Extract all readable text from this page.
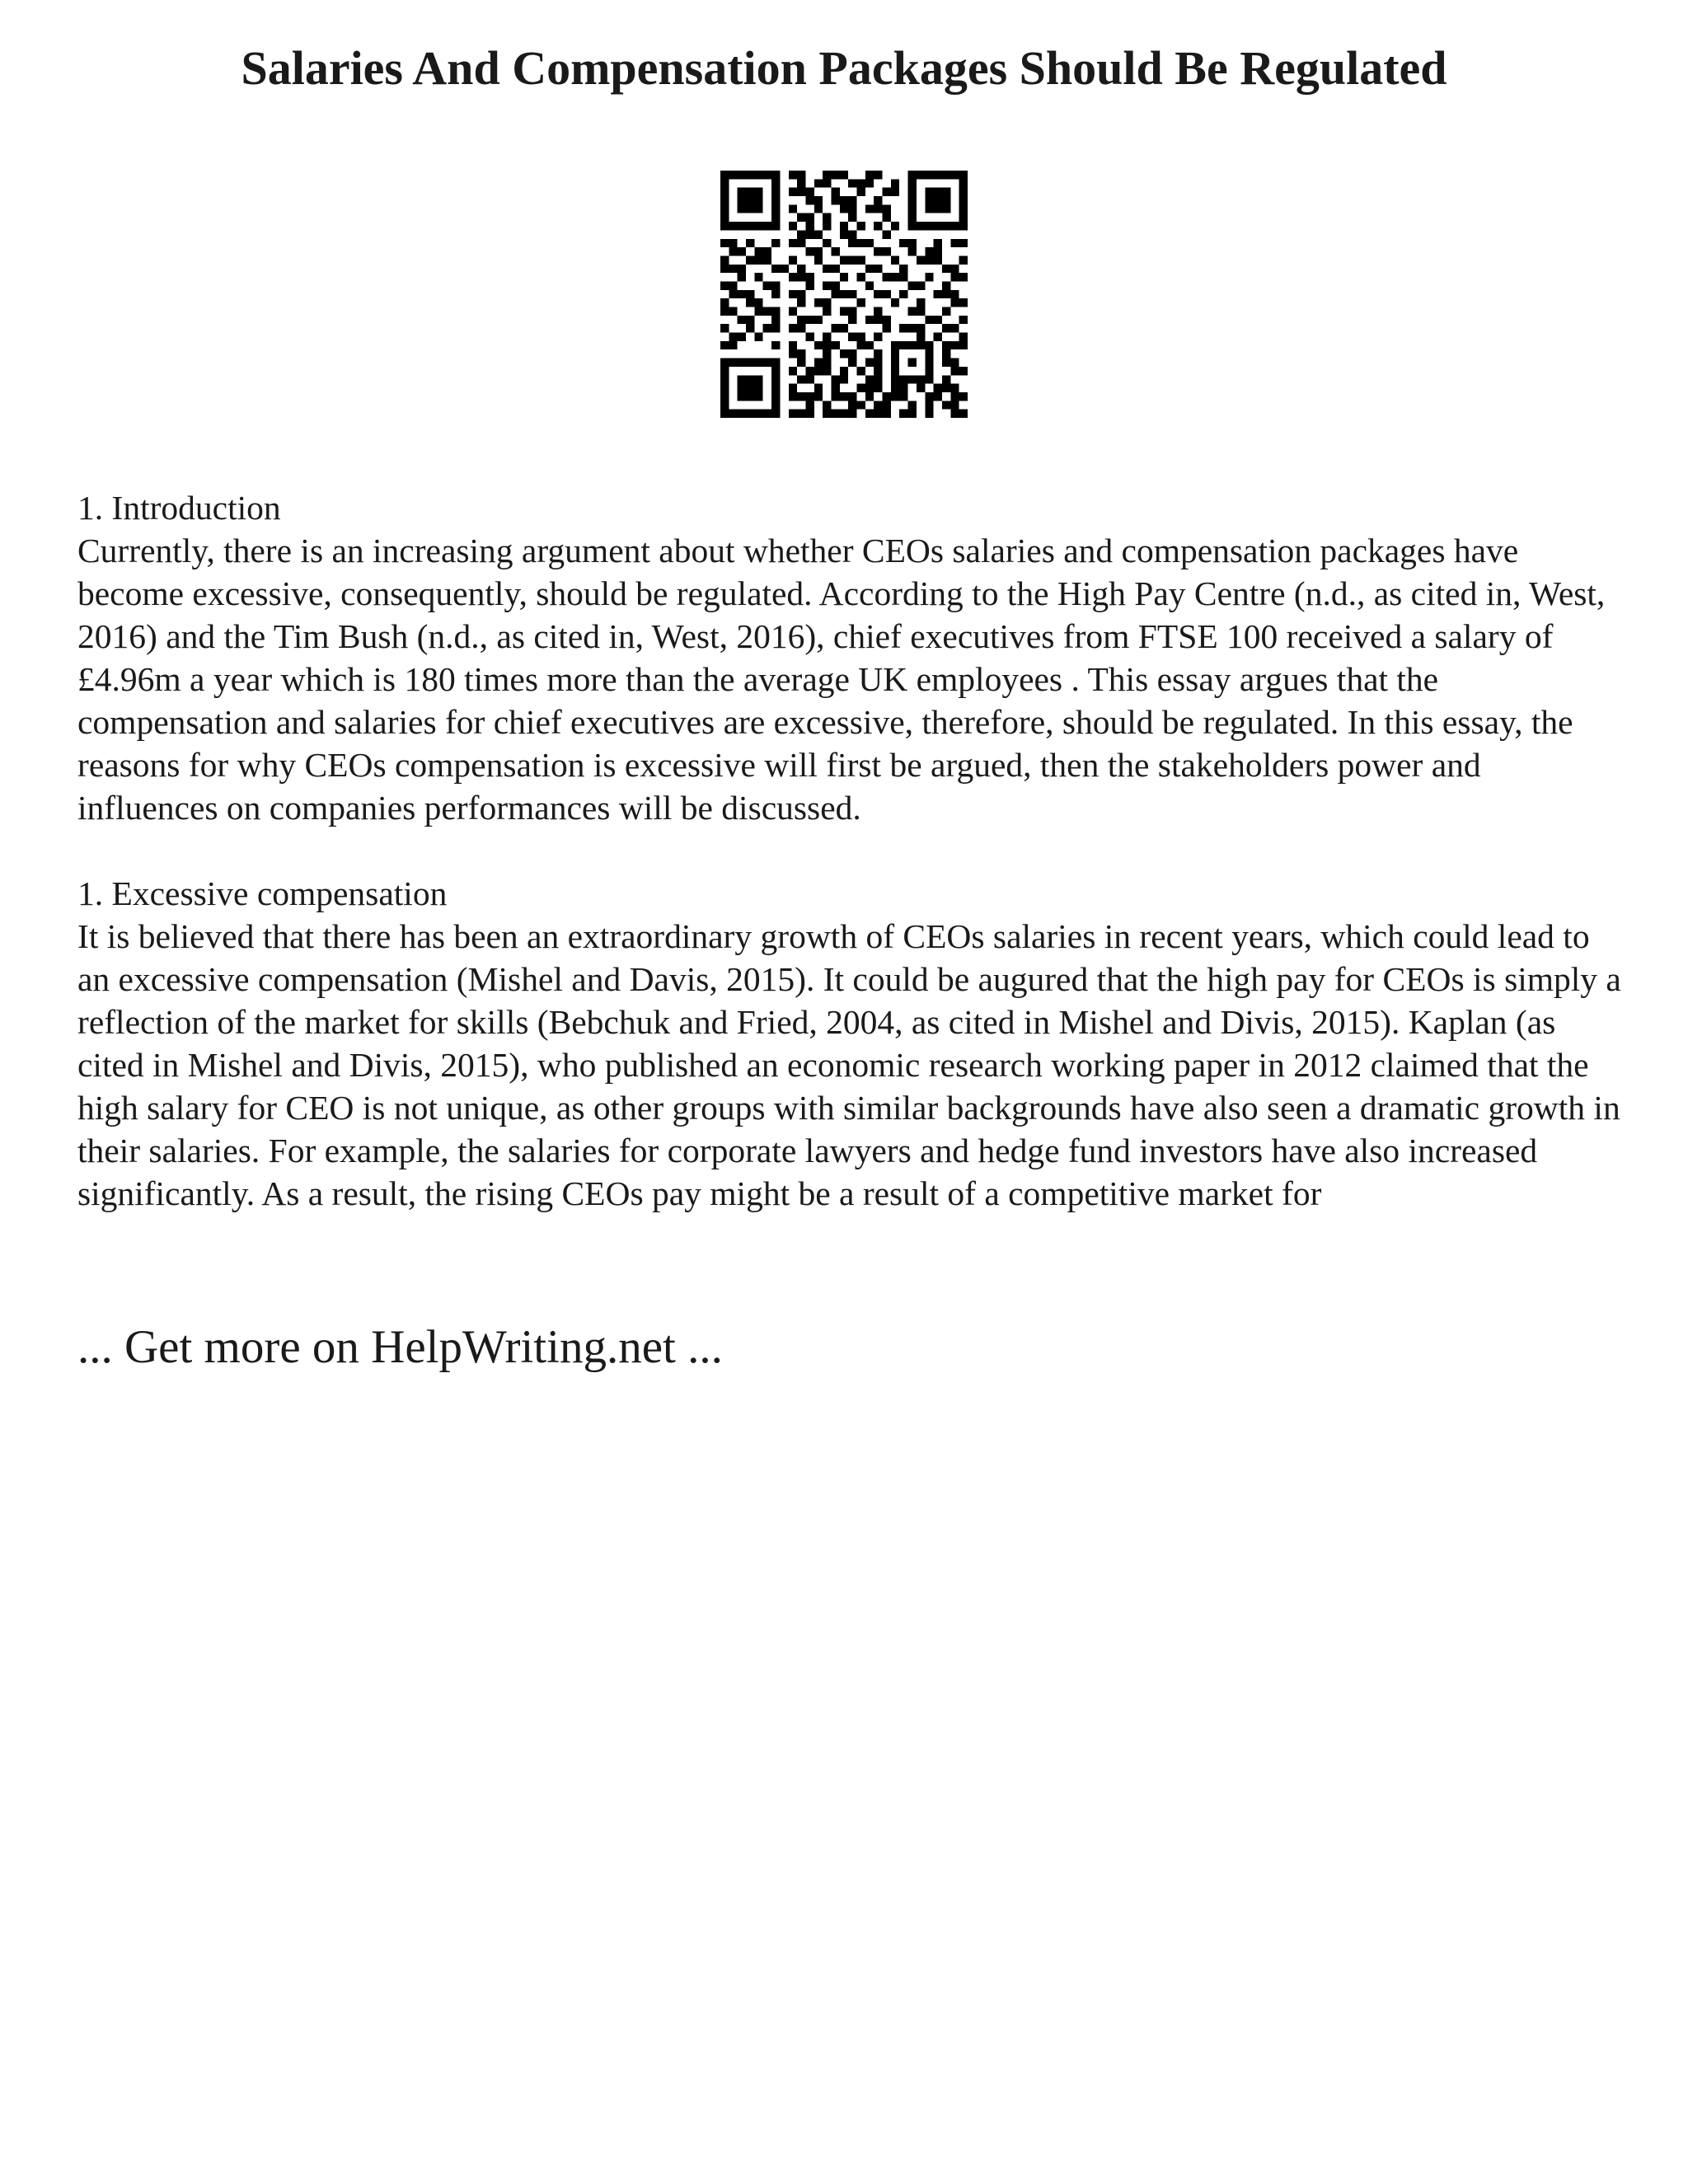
Salaries And Compensation Packages Should Be Regulated
1. Introduction

Currently, there is an increasing argument about whether CEOs salaries and compensation packages have become excessive, consequently, should be regulated. According to the High Pay Centre (n.d., as cited in, West, 2016) and the Tim Bush (n.d., as cited in, West, 2016), chief executives from FTSE 100 received a salary of £4.96m a year which is 180 times more than the average UK employees . This essay argues that the compensation and salaries for chief executives are excessive, therefore, should be regulated. In this essay, the reasons for why CEOs compensation is excessive will first be argued, then the stakeholders power and influences on companies performances will be discussed.

1. Excessive compensation

It is believed that there has been an extraordinary growth of CEOs salaries in recent years, which could lead to an excessive compensation (Mishel and Davis, 2015). It could be augured that the high pay for CEOs is simply a reflection of the market for skills (Bebchuk and Fried, 2004, as cited in Mishel and Divis, 2015). Kaplan (as cited in Mishel and Divis, 2015), who published an economic research working paper in 2012 claimed that the high salary for CEO is not unique, as other groups with similar backgrounds have also seen a dramatic growth in their salaries. For example, the salaries for corporate lawyers and hedge fund investors have also increased significantly. As a result, the rising CEOs pay might be a result of a competitive market for

... Get more on HelpWriting.net ...
